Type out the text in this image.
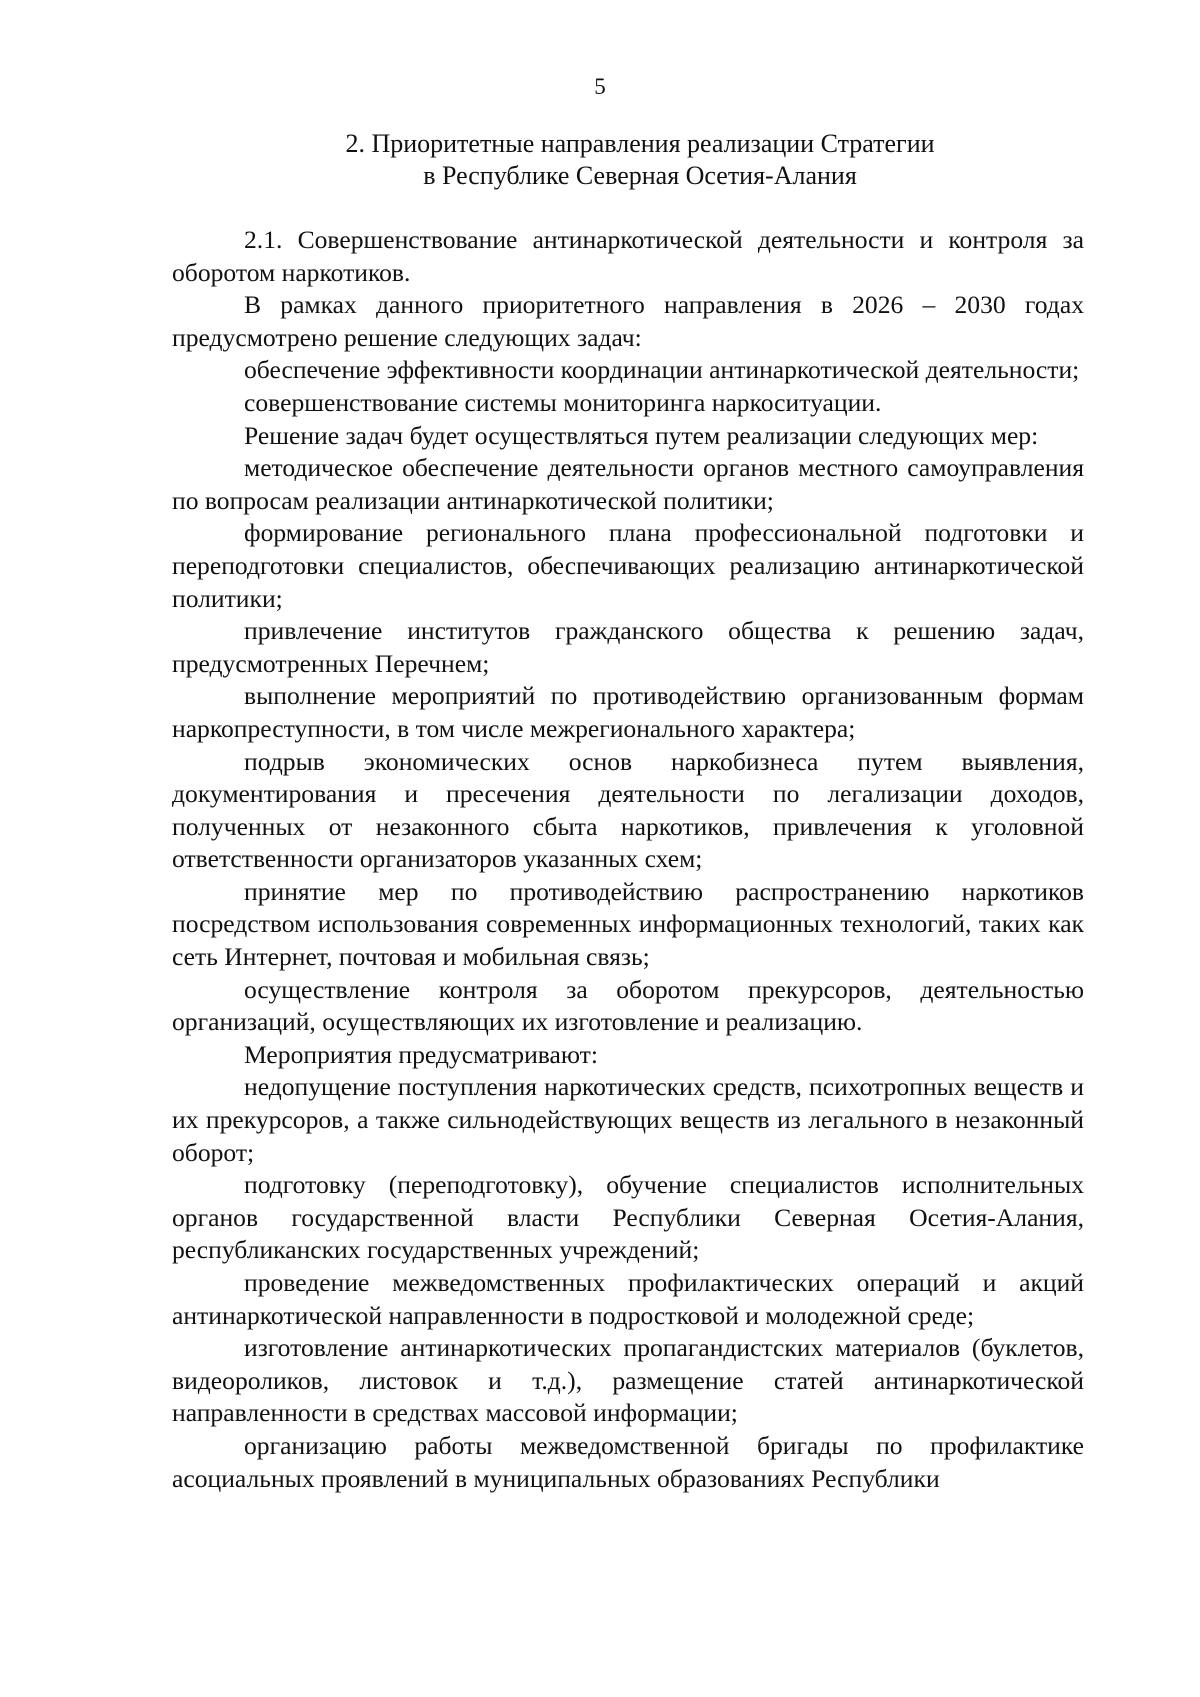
5
2. Приоритетные направления реализации Стратегии
в Республике Северная Осетия-Алания

2.1. Совершенствование антинаркотической деятельности и контроля за оборотом наркотиков.

В рамках данного приоритетного направления в 2026 – 2030 годах предусмотрено решение следующих задач:

обеспечение эффективности координации антинаркотической деятельности;

совершенствование системы мониторинга наркоситуации.

Решение задач будет осуществляться путем реализации следующих мер:

методическое обеспечение деятельности органов местного самоуправления по вопросам реализации антинаркотической политики;

формирование регионального плана профессиональной подготовки и переподготовки специалистов, обеспечивающих реализацию антинаркотической политики;

привлечение институтов гражданского общества к решению задач, предусмотренных Перечнем;

выполнение мероприятий по противодействию организованным формам наркопреступности, в том числе межрегионального характера;

подрыв экономических основ наркобизнеса путем выявления, документирования и пресечения деятельности по легализации доходов, полученных от незаконного сбыта наркотиков, привлечения к уголовной ответственности организаторов указанных схем;

принятие мер по противодействию распространению наркотиков посредством использования современных информационных технологий, таких как сеть Интернет, почтовая и мобильная связь;

осуществление контроля за оборотом прекурсоров, деятельностью организаций, осуществляющих их изготовление и реализацию.

Мероприятия предусматривают:

недопущение поступления наркотических средств, психотропных веществ и их прекурсоров, а также сильнодействующих веществ из легального в незаконный оборот;

подготовку (переподготовку), обучение специалистов исполнительных органов государственной власти Республики Северная Осетия-Алания, республиканских государственных учреждений;

проведение межведомственных профилактических операций и акций антинаркотической направленности в подростковой и молодежной среде;

изготовление антинаркотических пропагандистских материалов (буклетов, видеороликов, листовок и т.д.), размещение статей антинаркотической направленности в средствах массовой информации;

организацию работы межведомственной бригады по профилактике асоциальных проявлений в муниципальных образованиях Республики
